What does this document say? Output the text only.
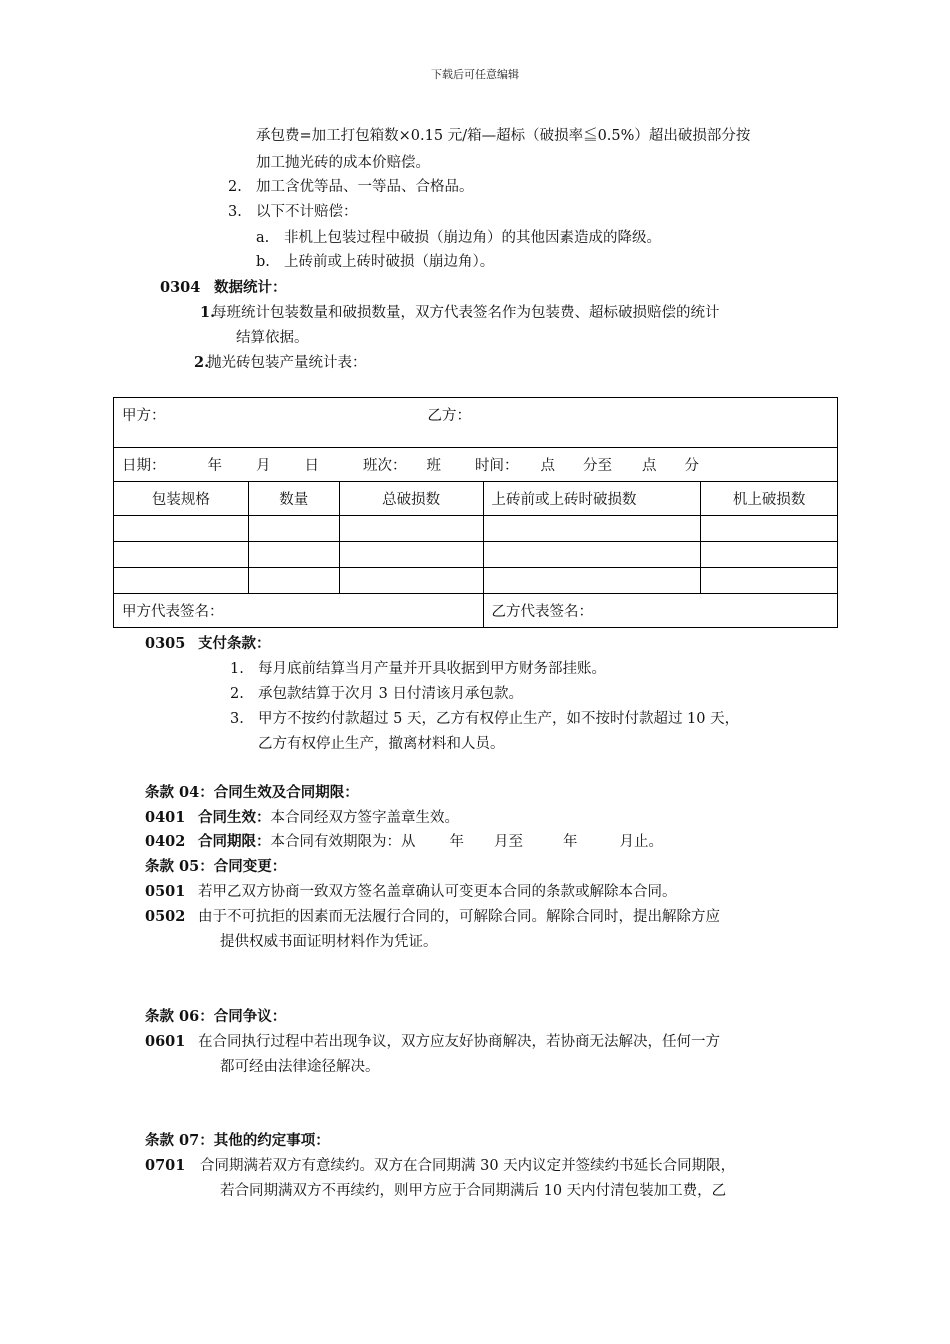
下载后可任意编辑
承包费=加工打包箱数×0.15 元/箱—超标（破损率≦0.5%）超出破损部分按
加工抛光砖的成本价赔偿。
2. 加工含优等品、一等品、合格品。
3. 以下不计赔偿：
a. 非机上包装过程中破损（崩边角）的其他因素造成的降级。
b. 上砖前或上砖时破损（崩边角）。
0304 数据统计：
1.
每班统计包装数量和破损数量，双方代表签名作为包装费、超标破损赔偿的统计
结算依据。
2.
抛光砖包装产量统计表：
甲方： 乙方：				
日期： 年 月 日 班次： 班 时间： 点 分至 点 分				
包装规格	数量	总破损数	上砖前或上砖时破损数	机上破损数

甲方代表签名：			乙方代表签名：	
0305 支付条款：
1. 每月底前结算当月产量并开具收据到甲方财务部挂账。
2. 承包款结算于次月 3 日付清该月承包款。
3. 甲方不按约付款超过 5 天，乙方有权停止生产，如不按时付款超过 10 天，
乙方有权停止生产，撤离材料和人员。
条款 04：合同生效及合同期限：
0401 合同生效：本合同经双方签字盖章生效。
0402 合同期限：本合同有效期限为：从 年 月至	年	月止。
条款 05：合同变更：
0501 若甲乙双方协商一致双方签名盖章确认可变更本合同的条款或解除本合同。
0502 由于不可抗拒的因素而无法履行合同的，可解除合同。解除合同时，提出解除方应
提供权威书面证明材料作为凭证。
条款 06：合同争议：
0601 在合同执行过程中若出现争议，双方应友好协商解决，若协商无法解决，任何一方
都可经由法律途径解决。
条款 07：其他的约定事项：
0701 合同期满若双方有意续约。双方在合同期满 30 天内议定并签续约书延长合同期限，
若合同期满双方不再续约，则甲方应于合同期满后 10 天内付清包装加工费，乙
